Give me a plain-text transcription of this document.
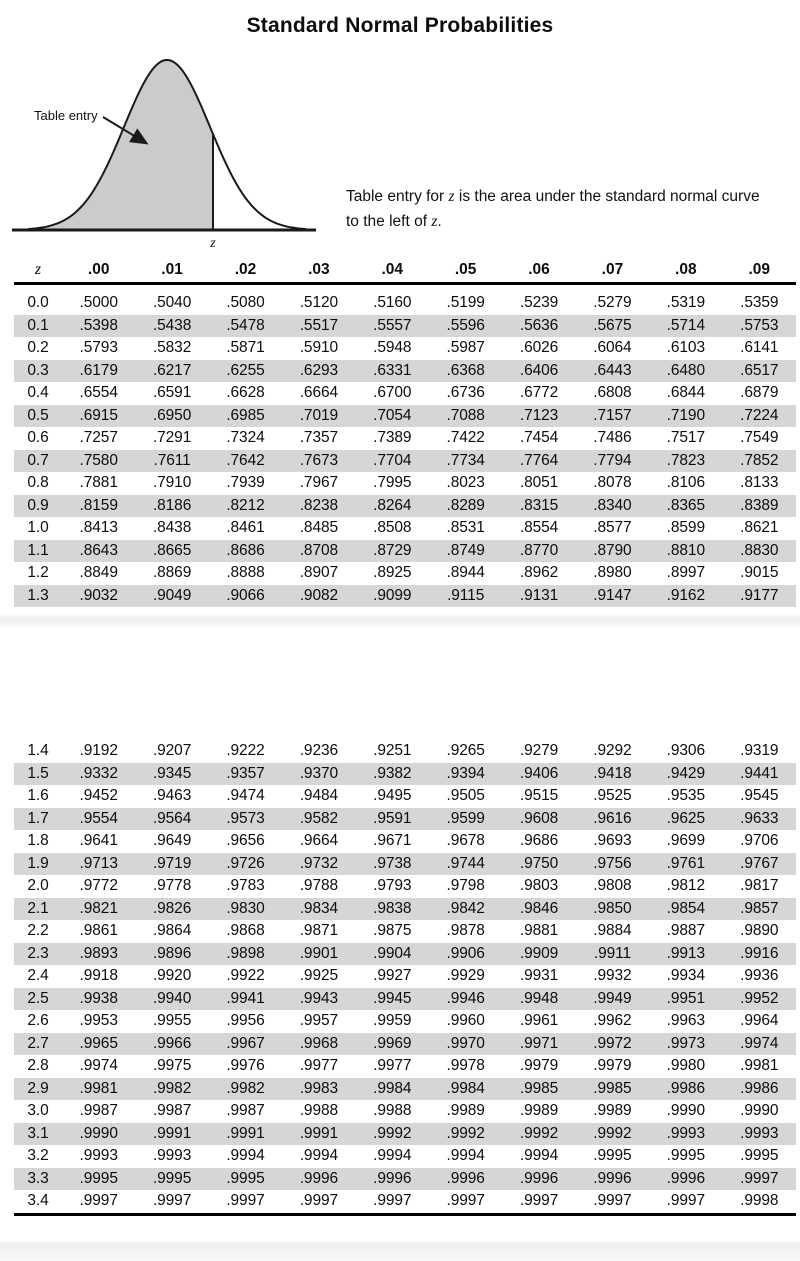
Standard Normal Probabilities
Table entry
z
Table entry for z is the area under the standard normal curve
to the left of z.
z	.00	.01	.02	.03	.04	.05	.06	.07	.08	.09
0.0	.5000	.5040	.5080	.5120	.5160	.5199	.5239	.5279	.5319	.5359
0.1	.5398	.5438	.5478	.5517	.5557	.5596	.5636	.5675	.5714	.5753
0.2	.5793	.5832	.5871	.5910	.5948	.5987	.6026	.6064	.6103	.6141
0.3	.6179	.6217	.6255	.6293	.6331	.6368	.6406	.6443	.6480	.6517
0.4	.6554	.6591	.6628	.6664	.6700	.6736	.6772	.6808	.6844	.6879
0.5	.6915	.6950	.6985	.7019	.7054	.7088	.7123	.7157	.7190	.7224
0.6	.7257	.7291	.7324	.7357	.7389	.7422	.7454	.7486	.7517	.7549
0.7	.7580	.7611	.7642	.7673	.7704	.7734	.7764	.7794	.7823	.7852
0.8	.7881	.7910	.7939	.7967	.7995	.8023	.8051	.8078	.8106	.8133
0.9	.8159	.8186	.8212	.8238	.8264	.8289	.8315	.8340	.8365	.8389
1.0	.8413	.8438	.8461	.8485	.8508	.8531	.8554	.8577	.8599	.8621
1.1	.8643	.8665	.8686	.8708	.8729	.8749	.8770	.8790	.8810	.8830
1.2	.8849	.8869	.8888	.8907	.8925	.8944	.8962	.8980	.8997	.9015
1.3	.9032	.9049	.9066	.9082	.9099	.9115	.9131	.9147	.9162	.9177
1.4	.9192	.9207	.9222	.9236	.9251	.9265	.9279	.9292	.9306	.9319
1.5	.9332	.9345	.9357	.9370	.9382	.9394	.9406	.9418	.9429	.9441
1.6	.9452	.9463	.9474	.9484	.9495	.9505	.9515	.9525	.9535	.9545
1.7	.9554	.9564	.9573	.9582	.9591	.9599	.9608	.9616	.9625	.9633
1.8	.9641	.9649	.9656	.9664	.9671	.9678	.9686	.9693	.9699	.9706
1.9	.9713	.9719	.9726	.9732	.9738	.9744	.9750	.9756	.9761	.9767
2.0	.9772	.9778	.9783	.9788	.9793	.9798	.9803	.9808	.9812	.9817
2.1	.9821	.9826	.9830	.9834	.9838	.9842	.9846	.9850	.9854	.9857
2.2	.9861	.9864	.9868	.9871	.9875	.9878	.9881	.9884	.9887	.9890
2.3	.9893	.9896	.9898	.9901	.9904	.9906	.9909	.9911	.9913	.9916
2.4	.9918	.9920	.9922	.9925	.9927	.9929	.9931	.9932	.9934	.9936
2.5	.9938	.9940	.9941	.9943	.9945	.9946	.9948	.9949	.9951	.9952
2.6	.9953	.9955	.9956	.9957	.9959	.9960	.9961	.9962	.9963	.9964
2.7	.9965	.9966	.9967	.9968	.9969	.9970	.9971	.9972	.9973	.9974
2.8	.9974	.9975	.9976	.9977	.9977	.9978	.9979	.9979	.9980	.9981
2.9	.9981	.9982	.9982	.9983	.9984	.9984	.9985	.9985	.9986	.9986
3.0	.9987	.9987	.9987	.9988	.9988	.9989	.9989	.9989	.9990	.9990
3.1	.9990	.9991	.9991	.9991	.9992	.9992	.9992	.9992	.9993	.9993
3.2	.9993	.9993	.9994	.9994	.9994	.9994	.9994	.9995	.9995	.9995
3.3	.9995	.9995	.9995	.9996	.9996	.9996	.9996	.9996	.9996	.9997
3.4	.9997	.9997	.9997	.9997	.9997	.9997	.9997	.9997	.9997	.9998
